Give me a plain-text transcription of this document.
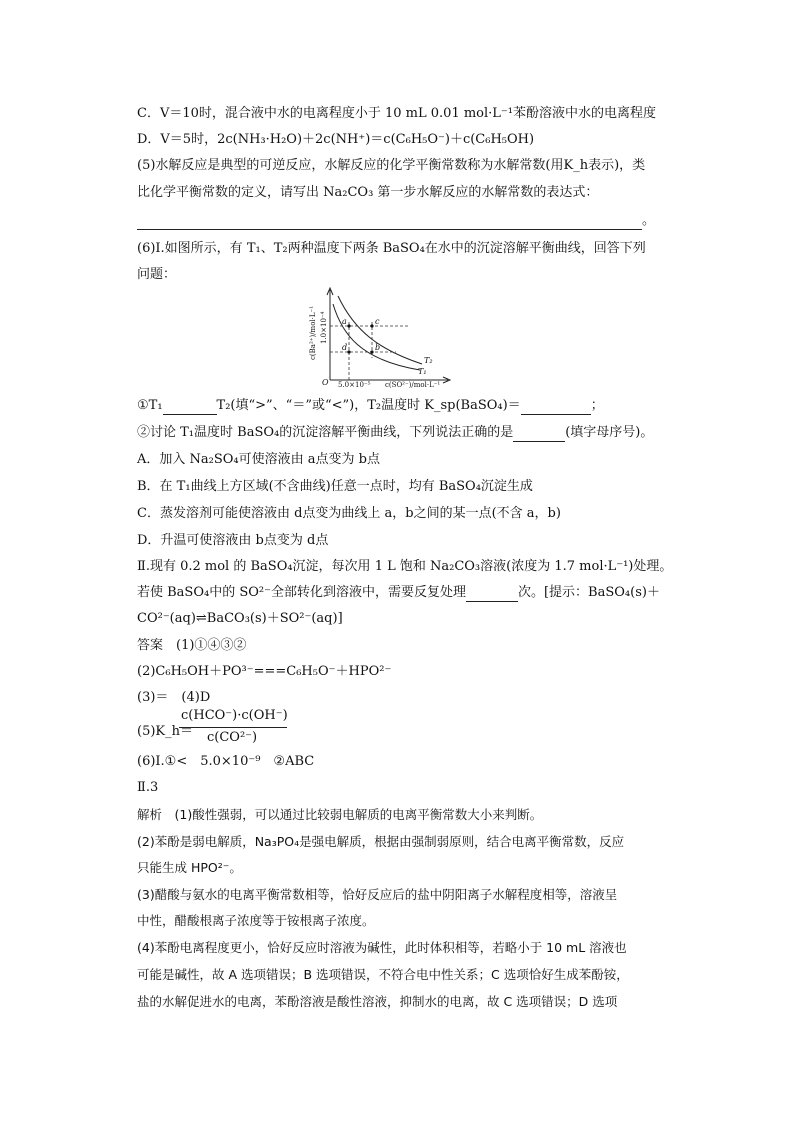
C．V＝10时，混合液中水的电离程度小于 10 mL 0.01 mol·L⁻¹苯酚溶液中水的电离程度
D．V＝5时，2c(NH₃·H₂O)＋2c(NH⁺)＝c(C₆H₅O⁻)＋c(C₆H₅OH)
(5)水解反应是典型的可逆反应，水解反应的化学平衡常数称为水解常数(用K_h表示)，类
比化学平衡常数的定义，请写出 Na₂CO₃ 第一步水解反应的水解常数的表达式：
。
(6)Ⅰ.如图所示，有 T₁、T₂两种温度下两条 BaSO₄在水中的沉淀溶解平衡曲线，回答下列
问题：
a	c
d	b
T₂
T₁
O 5.0×10⁻⁵ c(SO²⁻)/mol·L⁻¹
1.0×10⁻⁴
c(Ba²⁺)/mol·L⁻¹
①T₁	T₂(填“>”、“＝”或“<”)，T₂温度时 K_sp(BaSO₄)＝	；
②讨论 T₁温度时 BaSO₄的沉淀溶解平衡曲线，下列说法正确的是	(填字母序号)。
A．加入 Na₂SO₄可使溶液由 a点变为 b点
B．在 T₁曲线上方区域(不含曲线)任意一点时，均有 BaSO₄沉淀生成
C．蒸发溶剂可能使溶液由 d点变为曲线上 a，b之间的某一点(不含 a，b)
D．升温可使溶液由 b点变为 d点
Ⅱ.现有 0.2 mol 的 BaSO₄沉淀，每次用 1 L 饱和 Na₂CO₃溶液(浓度为 1.7 mol·L⁻¹)处理。
若使 BaSO₄中的 SO²⁻全部转化到溶液中，需要反复处理	次。[提示：BaSO₄(s)＋
CO²⁻(aq)⇌BaCO₃(s)＋SO²⁻(aq)]
答案　(1)①④③②
(2)C₆H₅OH＋PO³⁻===C₆H₅O⁻＋HPO²⁻
(3)＝　(4)D
(5)K_h＝
c(HCO⁻)·c(OH⁻)
c(CO²⁻)
(6)Ⅰ.①<　5.0×10⁻⁹　②ABC
Ⅱ.3
解析　(1)酸性强弱，可以通过比较弱电解质的电离平衡常数大小来判断。
(2)苯酚是弱电解质，Na₃PO₄是强电解质，根据由强制弱原则，结合电离平衡常数，反应
只能生成 HPO²⁻。
(3)醋酸与氨水的电离平衡常数相等，恰好反应后的盐中阴阳离子水解程度相等，溶液呈
中性，醋酸根离子浓度等于铵根离子浓度。
(4)苯酚电离程度更小，恰好反应时溶液为碱性，此时体积相等，若略小于 10 mL 溶液也
可能是碱性，故 A 选项错误；B 选项错误，不符合电中性关系；C 选项恰好生成苯酚铵，
盐的水解促进水的电离，苯酚溶液是酸性溶液，抑制水的电离，故 C 选项错误；D 选项
